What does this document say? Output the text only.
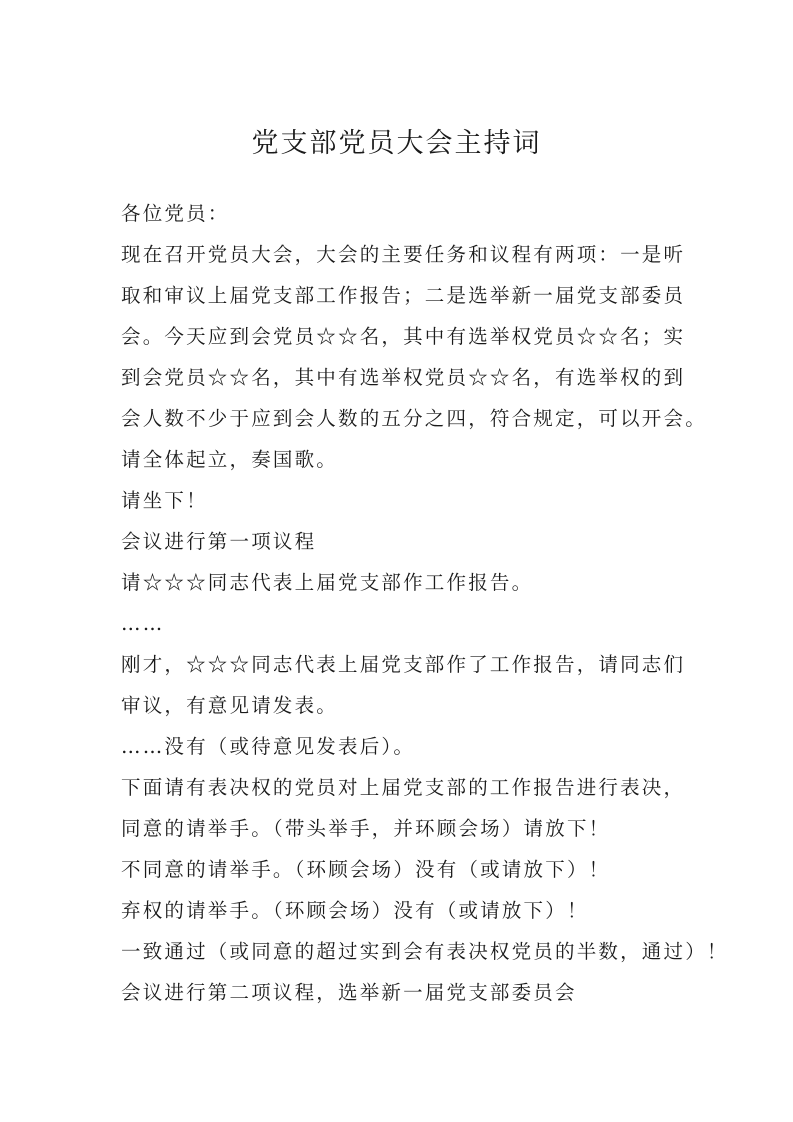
党支部党员大会主持词
各位党员：
现在召开党员大会，大会的主要任务和议程有两项：一是听
取和审议上届党支部工作报告；二是选举新一届党支部委员
会。今天应到会党员☆☆名，其中有选举权党员☆☆名；实
到会党员☆☆名，其中有选举权党员☆☆名，有选举权的到
会人数不少于应到会人数的五分之四，符合规定，可以开会。
请全体起立，奏国歌。
请坐下！
会议进行第一项议程
请☆☆☆同志代表上届党支部作工作报告。
……
刚才，☆☆☆同志代表上届党支部作了工作报告，请同志们
审议，有意见请发表。
……没有（或待意见发表后）。
下面请有表决权的党员对上届党支部的工作报告进行表决，
同意的请举手。（带头举手，并环顾会场）请放下！
不同意的请举手。（环顾会场）没有（或请放下）！
弃权的请举手。（环顾会场）没有（或请放下）！
一致通过（或同意的超过实到会有表决权党员的半数，通过）！
会议进行第二项议程，选举新一届党支部委员会
